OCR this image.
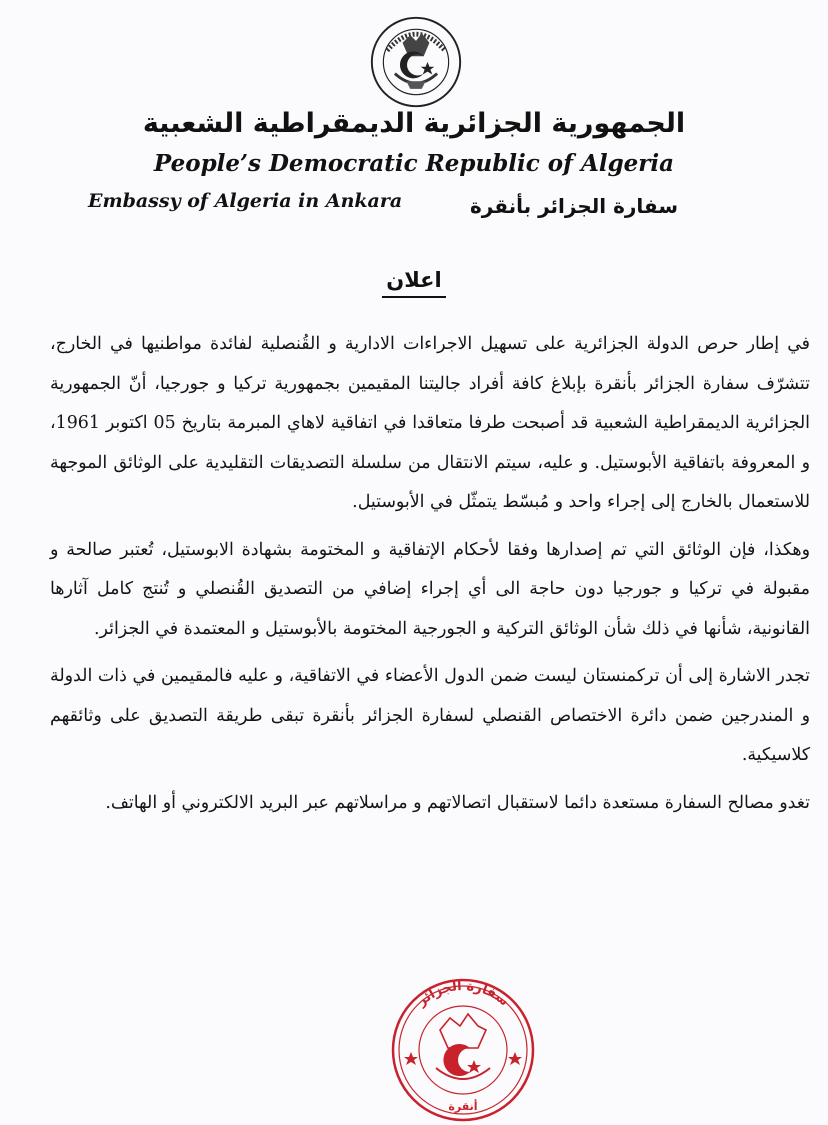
الجمهورية الجزائرية الديمقراطية الشعبية
People’s Democratic Republic of Algeria
Embassy of Algeria in Ankara	سفارة الجزائر بأنقرة
اعلان

في إطار حرص الدولة الجزائرية على تسهيل الاجراءات الادارية و القُنصلية لفائدة مواطنيها في الخارج، تتشرّف سفارة الجزائر بأنقرة بإبلاغ كافة أفراد جاليتنا المقيمين بجمهورية تركيا و جورجيا، أنّ الجمهورية الجزائرية الديمقراطية الشعبية قد أصبحت طرفا متعاقدا في اتفاقية لاهاي المبرمة بتاريخ 05 اكتوبر 1961، و المعروفة باتفاقية الأبوستيل. و عليه، سيتم الانتقال من سلسلة التصديقات التقليدية على الوثائق الموجهة للاستعمال بالخارج إلى إجراء واحد و مُبسّط يتمثّل في الأبوستيل.

وهكذا، فإن الوثائق التي تم إصدارها وفقا لأحكام الإتفاقية و المختومة بشهادة الابوستيل، تُعتبر صالحة و مقبولة في تركيا و جورجيا دون حاجة الى أي إجراء إضافي من التصديق القُنصلي و تُنتج كامل آثارها القانونية، شأنها في ذلك شأن الوثائق التركية و الجورجية المختومة بالأبوستيل و المعتمدة في الجزائر.

تجدر الاشارة إلى أن تركمنستان ليست ضمن الدول الأعضاء في الاتفاقية، و عليه فالمقيمين في ذات الدولة و المندرجين ضمن دائرة الاختصاص القنصلي لسفارة الجزائر بأنقرة تبقى طريقة التصديق على وثائقهم كلاسيكية.

تغدو مصالح السفارة مستعدة دائما لاستقبال اتصالاتهم و مراسلاتهم عبر البريد الالكتروني أو الهاتف.

سفارة الجزائر
أنقرة
